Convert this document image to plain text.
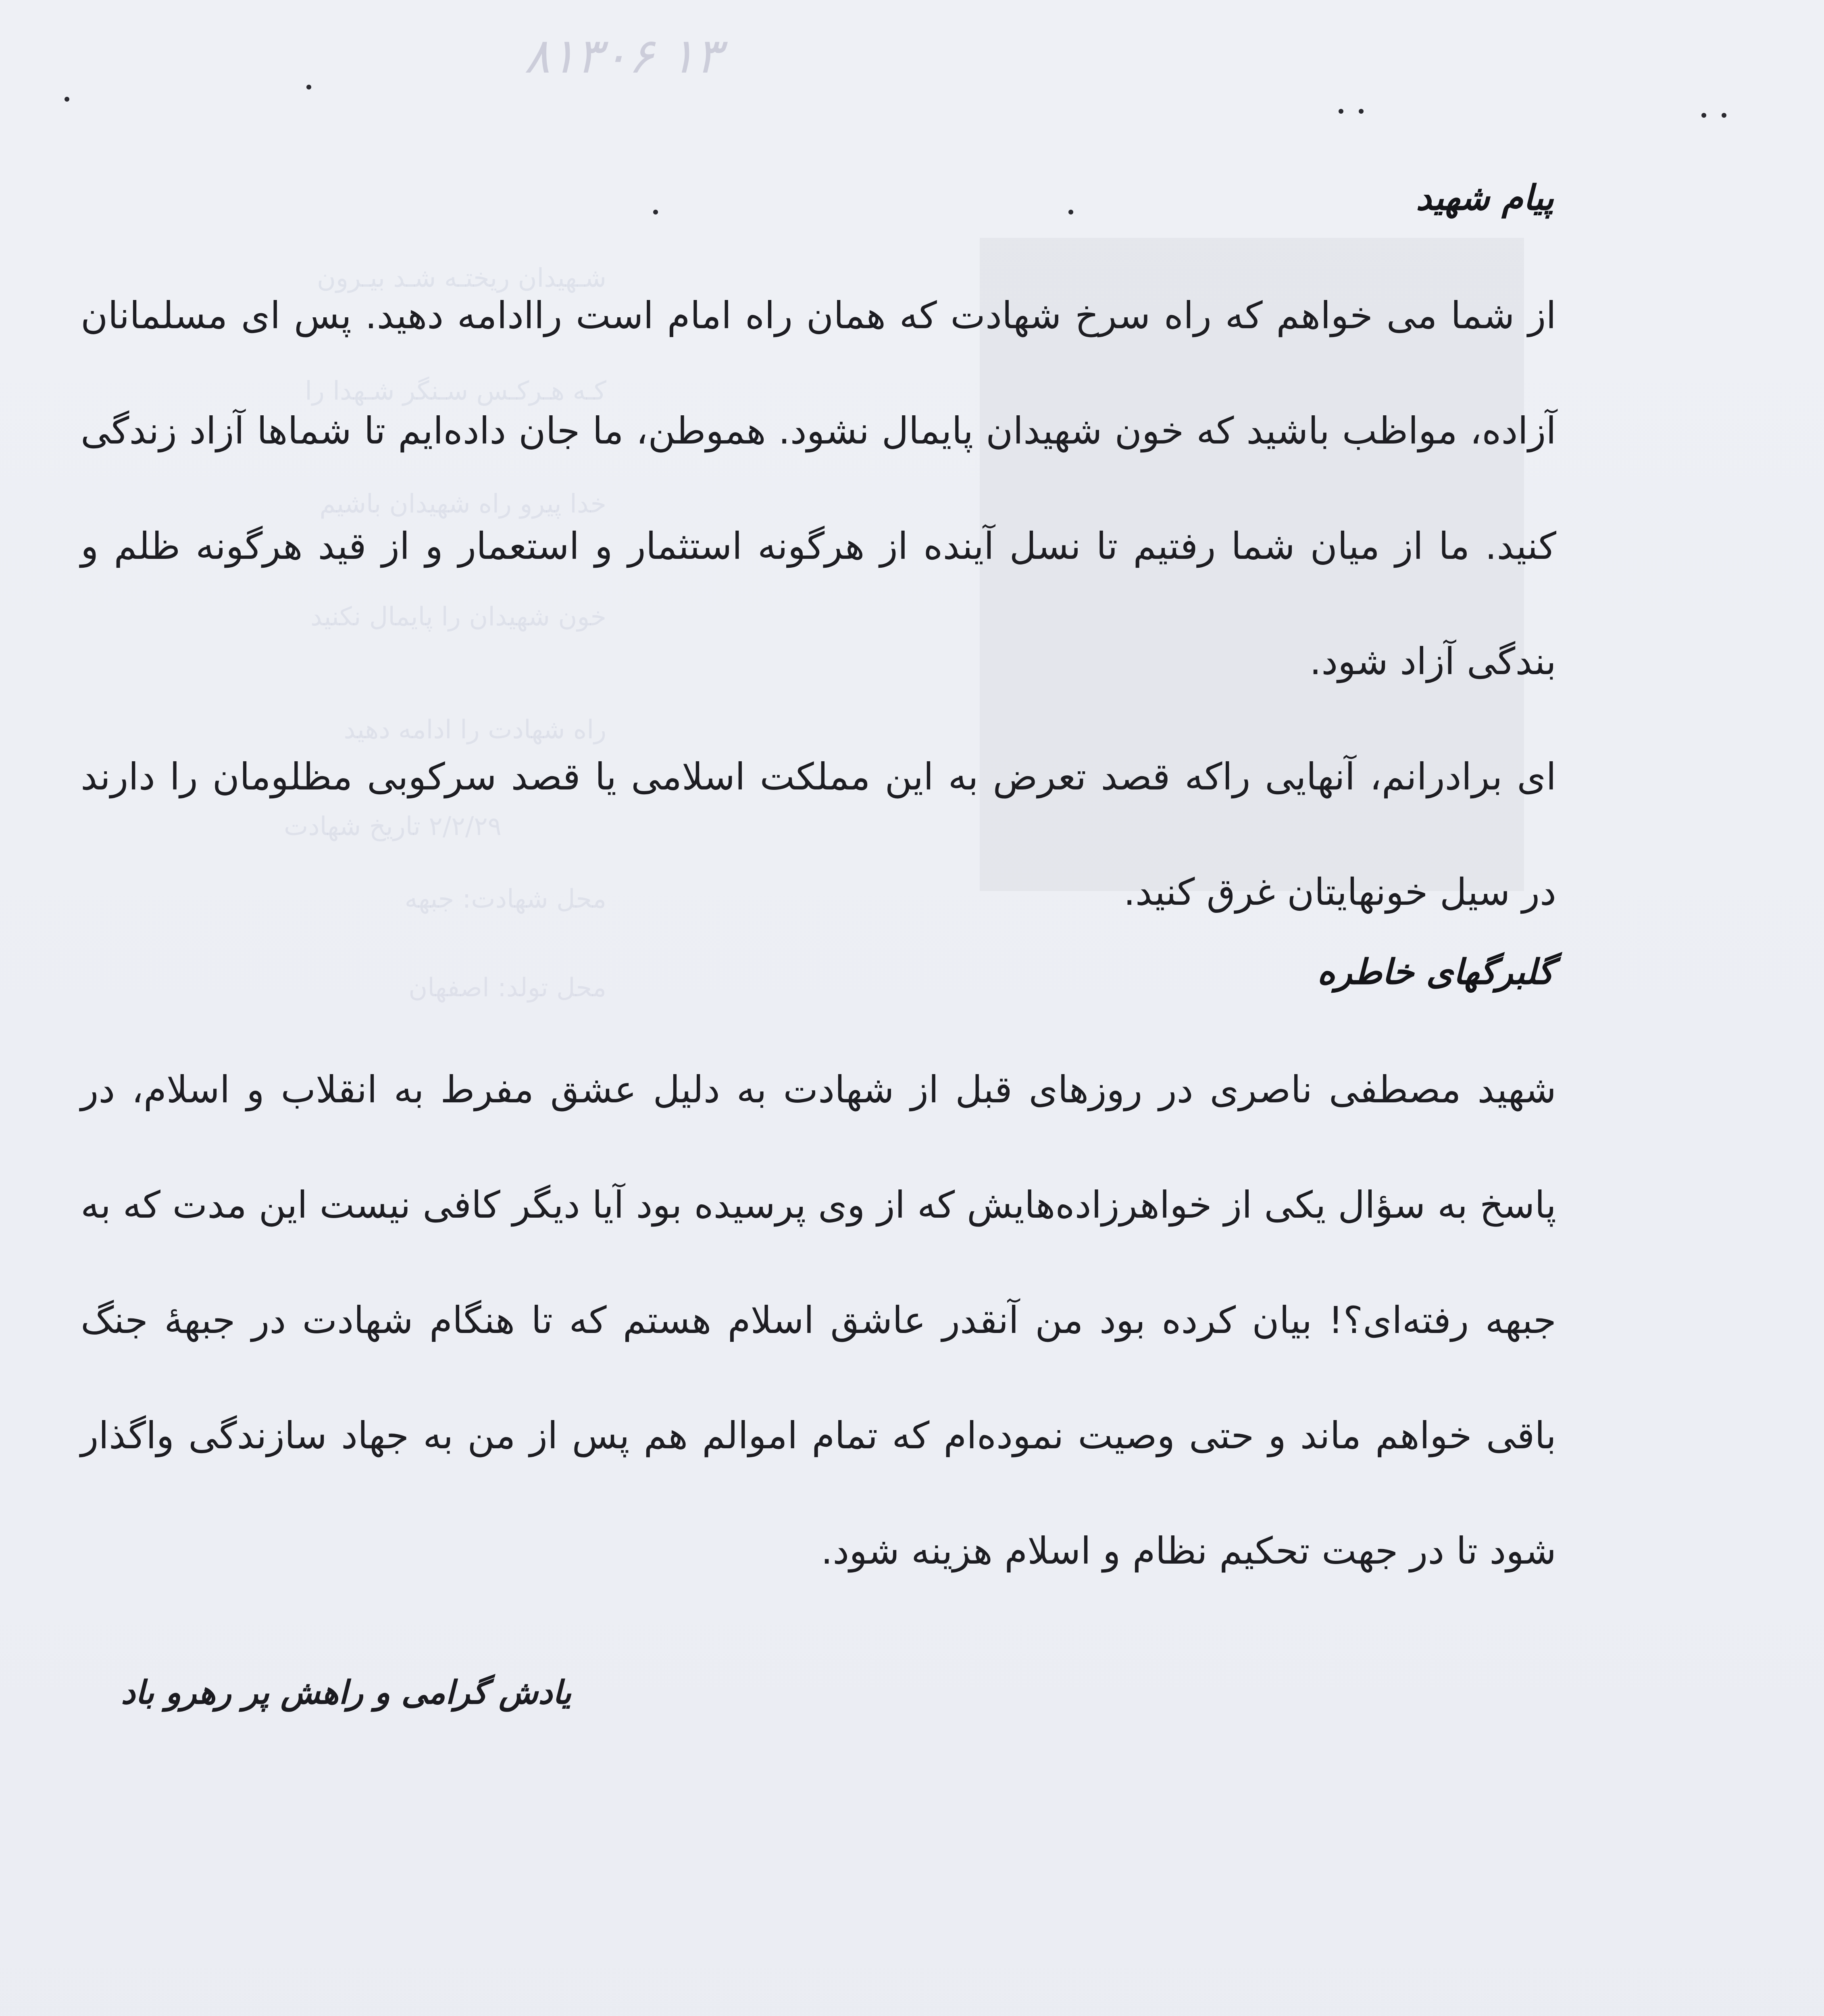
شـهیدان ریختـه شـد بیـرون
کـه هـرکـس سـنگر شـهدا را
خدا پیرو راه شهیدان باشیم
خون شهیدان را پایمال نکنید
راه شهادت را ادامه دهید
۲/۲/۲۹ تاریخ شهادت
محل شهادت: جبهه
محل تولد: اصفهان
۸۱۳۰۶ ۱۳
پیام شهید

از شما می خواهم که راه سرخ شهادت که همان راه امام است راادامه دهید. پس ای مسلمانان آزاده، مواظب باشید که خون شهیدان پایمال نشود. هموطن، ما جان داده‌ایم تا شماها آزاد زندگی کنید. ما از میان شما رفتیم تا نسل آینده از هرگونه استثمار و استعمار و از قید هرگونه ظلم و بندگی آزاد شود.

ای برادرانم، آنهایی راکه قصد تعرض به این مملکت اسلامی یا قصد سرکوبی مظلومان را دارند در سیل خونهایتان غرق کنید.

گلبرگهای خاطره

شهید مصطفی ناصری در روزهای قبل از شهادت به دلیل عشق مفرط به انقلاب و اسلام، در پاسخ به سؤال یکی از خواهرزاده‌هایش که از وی پرسیده بود آیا دیگر کافی نیست این مدت که به جبهه رفته‌ای؟! بیان کرده بود من آنقدر عاشق اسلام هستم که تا هنگام شهادت در جبههٔ جنگ باقی خواهم ماند و حتی وصیت نموده‌ام که تمام اموالم هم پس از من به جهاد سازندگی واگذار شود تا در جهت تحکیم نظام و اسلام هزینه شود.

یادش گرامی و راهش پر رهرو باد
